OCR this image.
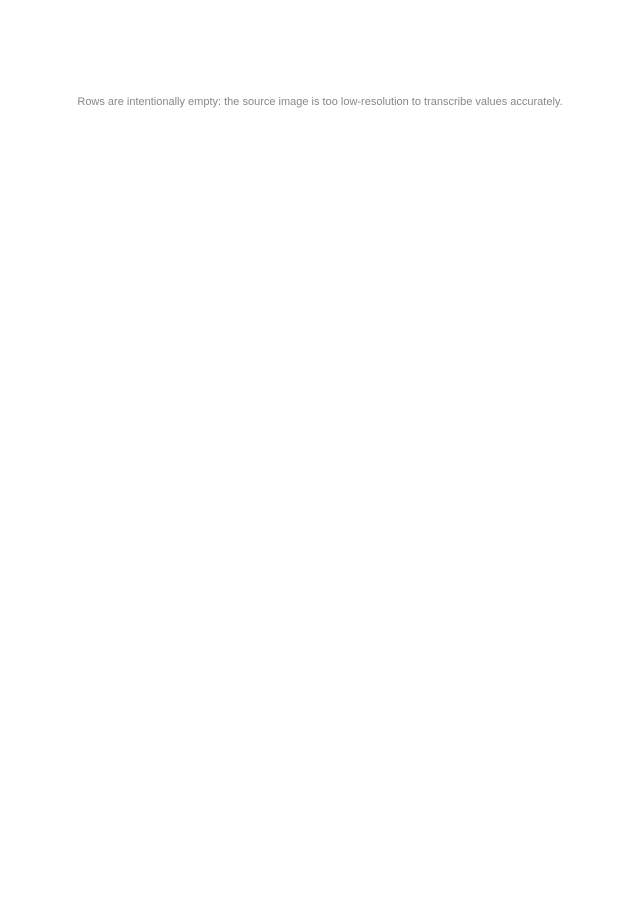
Rows are intentionally empty: the source image is too low-resolution to transcribe values accurately.
